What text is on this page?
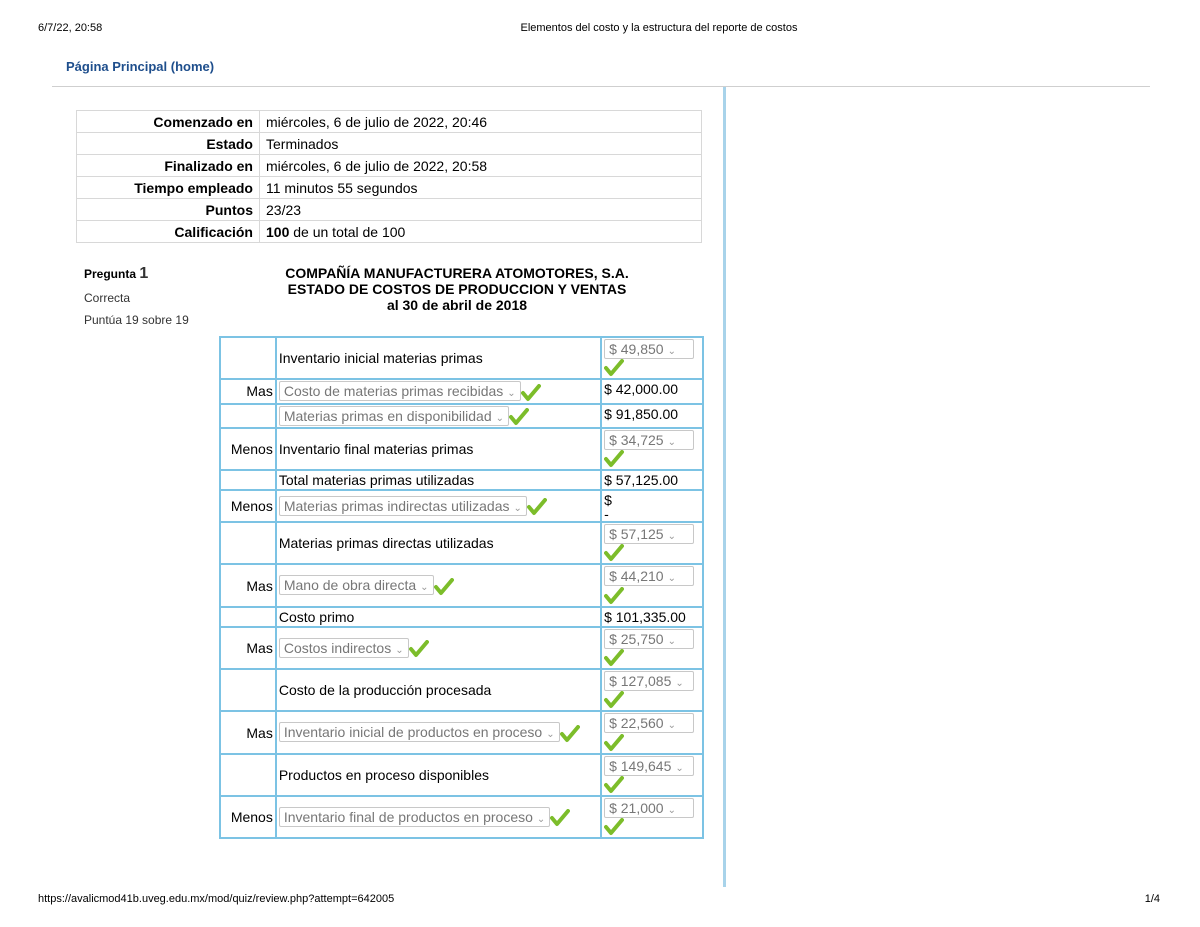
6/7/22, 20:58	Elementos del costo y la estructura del reporte de costos
Página Principal (home)
Comenzado en	miércoles, 6 de julio de 2022, 20:46
Estado	Terminados
Finalizado en	miércoles, 6 de julio de 2022, 20:58
Tiempo empleado	11 minutos 55 segundos
Puntos	23/23
Calificación	100 de un total de 100
Pregunta 1
Correcta
Puntúa 19 sobre 19
COMPAÑÍA MANUFACTURERA ATOMOTORES, S.A.
ESTADO DE COSTOS DE PRODUCCION Y VENTAS
al 30 de abril de 2018
	Inventario inicial materias primas	$ 49,850 ⌄

Mas	Costo de materias primas recibidas ⌄	$ 42,000.00

	Materias primas en disponibilidad ⌄	$ 91,850.00

Menos	Inventario final materias primas	$ 34,725 ⌄

	Total materias primas utilizadas	$ 57,125.00

Menos	Materias primas indirectas utilizadas ⌄	$
-

	Materias primas directas utilizadas	$ 57,125 ⌄

Mas	Mano de obra directa ⌄	$ 44,210 ⌄

	Costo primo	$ 101,335.00

Mas	Costos indirectos ⌄	$ 25,750 ⌄

	Costo de la producción procesada	$ 127,085 ⌄

Mas	Inventario inicial de productos en proceso ⌄	$ 22,560 ⌄

	Productos en proceso disponibles	$ 149,645 ⌄

Menos	Inventario final de productos en proceso ⌄	$ 21,000 ⌄

https://avalicmod41b.uveg.edu.mx/mod/quiz/review.php?attempt=642005	1/4
